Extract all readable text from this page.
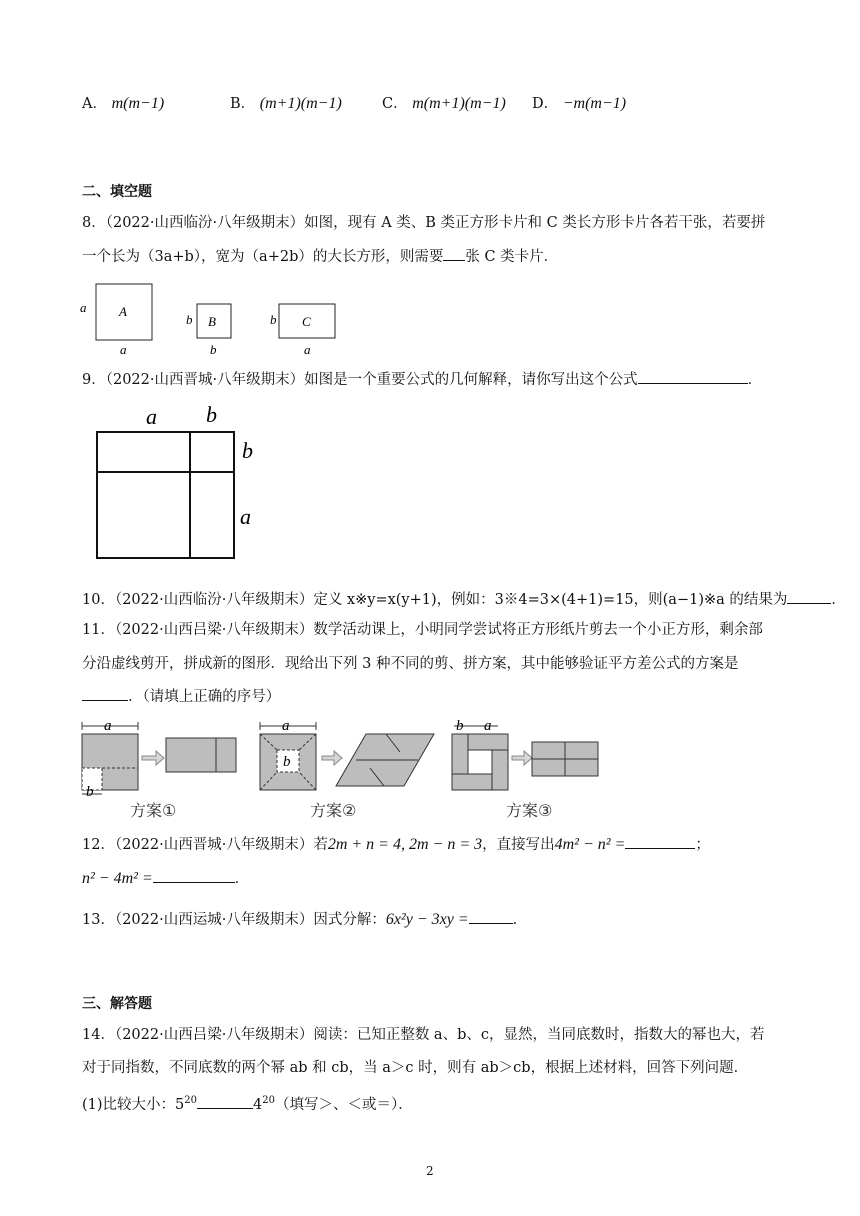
A． m(m−1)	B． (m+1)(m−1)	C． m(m+1)(m−1) D． −m(m−1)
二、填空题
8．（2022·山西临汾·八年级期末）如图，现有 A 类、B 类正方形卡片和 C 类长方形卡片各若干张，若要拼
一个长为（3a+b），宽为（a+2b）的大长方形，则需要 张 C 类卡片．
A
a
a
B
b
b
C
b
a
9．（2022·山西晋城·八年级期末）如图是一个重要公式的几何解释，请你写出这个公式	．
a b
b
a
10．（2022·山西临汾·八年级期末）定义 x※y=x(y+1)，例如：3※4=3×(4+1)=15，则(a−1)※a 的结果为	．
11．（2022·山西吕梁·八年级期末）数学活动课上，小明同学尝试将正方形纸片剪去一个小正方形，剩余部
分沿虚线剪开，拼成新的图形．现给出下列 3 种不同的剪、拼方案，其中能够验证平方差公式的方案是
．（请填上正确的序号）
a
b
a
b
b a
方案①	方案②	方案③
12．（2022·山西晋城·八年级期末）若2m + n = 4, 2m − n = 3，直接写出4m² − n² =	；
n² − 4m² =	．
13．（2022·山西运城·八年级期末）因式分解：6x²y − 3xy =	．
三、解答题
14．（2022·山西吕梁·八年级期末）阅读：已知正整数 a、b、c，显然，当同底数时，指数大的幂也大，若
对于同指数，不同底数的两个幂 ab 和 cb，当 a＞c 时，则有 ab＞cb，根据上述材料，回答下列问题．
(1)比较大小：$5^{20}$	$4^{20}$（填写＞、＜或＝）．
2
